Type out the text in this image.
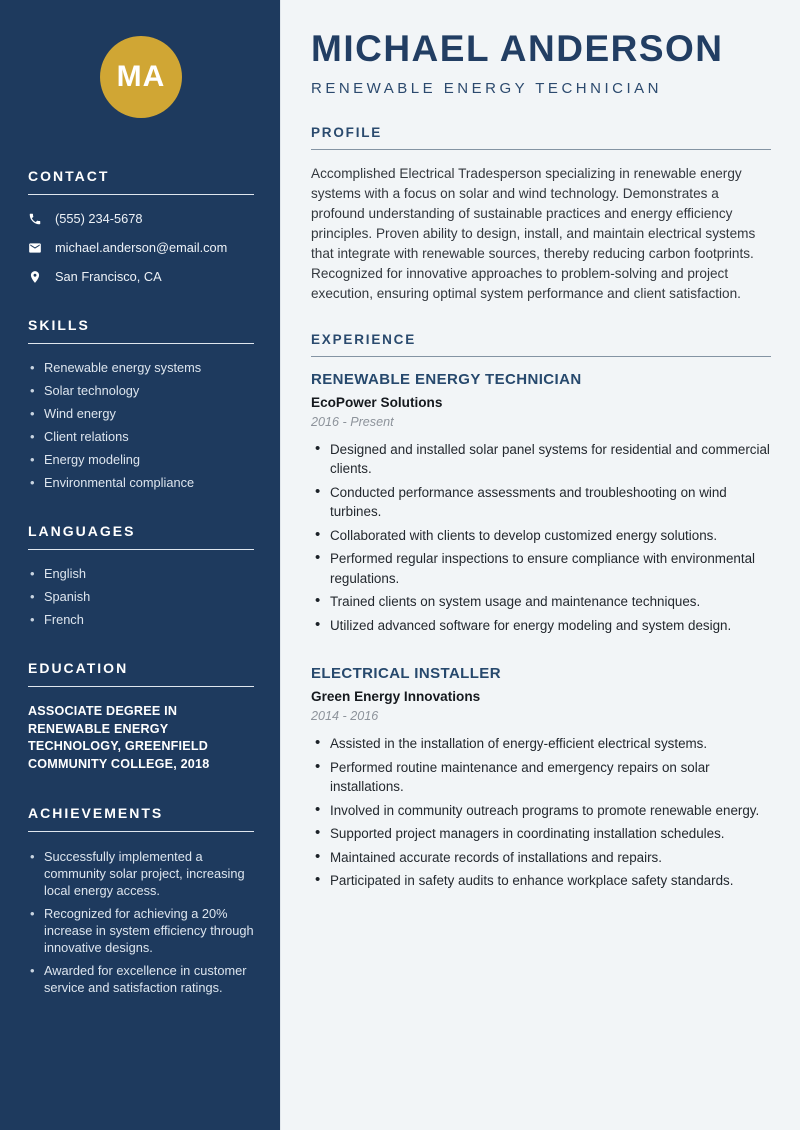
MA
CONTACT
(555) 234-5678
michael.anderson@email.com
San Francisco, CA
SKILLS
• Renewable energy systems
• Solar technology
• Wind energy
• Client relations
• Energy modeling
• Environmental compliance
LANGUAGES
• English
• Spanish
• French
EDUCATION

ASSOCIATE DEGREE IN RENEWABLE ENERGY TECHNOLOGY, GREENFIELD COMMUNITY COLLEGE, 2018

ACHIEVEMENTS
• Successfully implemented a community solar project, increasing local energy access.
• Recognized for achieving a 20% increase in system efficiency through innovative designs.
• Awarded for excellence in customer service and satisfaction ratings.
MICHAEL ANDERSON
RENEWABLE ENERGY TECHNICIAN
PROFILE

Accomplished Electrical Tradesperson specializing in renewable energy systems with a focus on solar and wind technology. Demonstrates a profound understanding of sustainable practices and energy efficiency principles. Proven ability to design, install, and maintain electrical systems that integrate with renewable sources, thereby reducing carbon footprints. Recognized for innovative approaches to problem-solving and project execution, ensuring optimal system performance and client satisfaction.

EXPERIENCE
RENEWABLE ENERGY TECHNICIAN
EcoPower Solutions
2016 - Present
• Designed and installed solar panel systems for residential and commercial clients.
• Conducted performance assessments and troubleshooting on wind turbines.
• Collaborated with clients to develop customized energy solutions.
• Performed regular inspections to ensure compliance with environmental regulations.
• Trained clients on system usage and maintenance techniques.
• Utilized advanced software for energy modeling and system design.
ELECTRICAL INSTALLER
Green Energy Innovations
2014 - 2016
• Assisted in the installation of energy-efficient electrical systems.
• Performed routine maintenance and emergency repairs on solar installations.
• Involved in community outreach programs to promote renewable energy.
• Supported project managers in coordinating installation schedules.
• Maintained accurate records of installations and repairs.
• Participated in safety audits to enhance workplace safety standards.
